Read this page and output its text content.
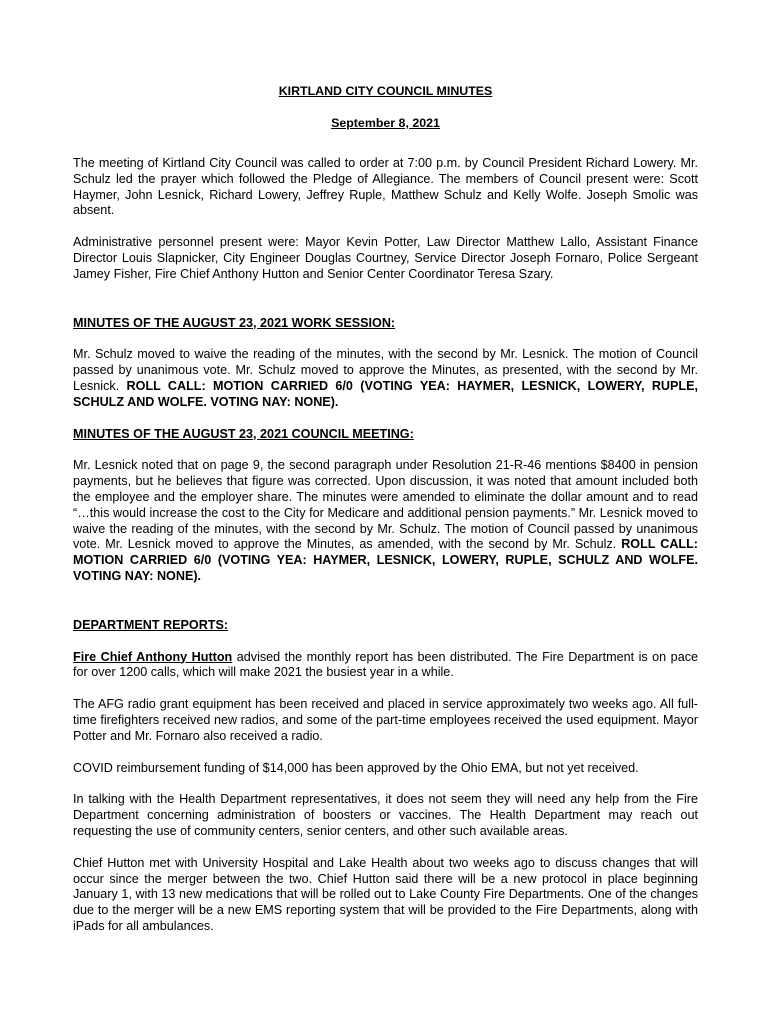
KIRTLAND CITY COUNCIL MINUTES

September 8, 2021

The meeting of Kirtland City Council was called to order at 7:00 p.m. by Council President Richard Lowery. Mr. Schulz led the prayer which followed the Pledge of Allegiance. The members of Council present were: Scott Haymer, John Lesnick, Richard Lowery, Jeffrey Ruple, Matthew Schulz and Kelly Wolfe. Joseph Smolic was absent.

Administrative personnel present were: Mayor Kevin Potter, Law Director Matthew Lallo, Assistant Finance Director Louis Slapnicker, City Engineer Douglas Courtney, Service Director Joseph Fornaro, Police Sergeant Jamey Fisher, Fire Chief Anthony Hutton and Senior Center Coordinator Teresa Szary.

MINUTES OF THE AUGUST 23, 2021 WORK SESSION:

Mr. Schulz moved to waive the reading of the minutes, with the second by Mr. Lesnick. The motion of Council passed by unanimous vote. Mr. Schulz moved to approve the Minutes, as presented, with the second by Mr. Lesnick. ROLL CALL: MOTION CARRIED 6/0 (VOTING YEA: HAYMER, LESNICK, LOWERY, RUPLE, SCHULZ AND WOLFE. VOTING NAY: NONE).

MINUTES OF THE AUGUST 23, 2021 COUNCIL MEETING:

Mr. Lesnick noted that on page 9, the second paragraph under Resolution 21-R-46 mentions $8400 in pension payments, but he believes that figure was corrected. Upon discussion, it was noted that amount included both the employee and the employer share. The minutes were amended to eliminate the dollar amount and to read “…this would increase the cost to the City for Medicare and additional pension payments.” Mr. Lesnick moved to waive the reading of the minutes, with the second by Mr. Schulz. The motion of Council passed by unanimous vote. Mr. Lesnick moved to approve the Minutes, as amended, with the second by Mr. Schulz. ROLL CALL: MOTION CARRIED 6/0 (VOTING YEA: HAYMER, LESNICK, LOWERY, RUPLE, SCHULZ AND WOLFE. VOTING NAY: NONE).

DEPARTMENT REPORTS:

Fire Chief Anthony Hutton advised the monthly report has been distributed. The Fire Department is on pace for over 1200 calls, which will make 2021 the busiest year in a while.

The AFG radio grant equipment has been received and placed in service approximately two weeks ago. All full-time firefighters received new radios, and some of the part-time employees received the used equipment. Mayor Potter and Mr. Fornaro also received a radio.

COVID reimbursement funding of $14,000 has been approved by the Ohio EMA, but not yet received.

In talking with the Health Department representatives, it does not seem they will need any help from the Fire Department concerning administration of boosters or vaccines. The Health Department may reach out requesting the use of community centers, senior centers, and other such available areas.

Chief Hutton met with University Hospital and Lake Health about two weeks ago to discuss changes that will occur since the merger between the two. Chief Hutton said there will be a new protocol in place beginning January 1, with 13 new medications that will be rolled out to Lake County Fire Departments. One of the changes due to the merger will be a new EMS reporting system that will be provided to the Fire Departments, along with iPads for all ambulances.
